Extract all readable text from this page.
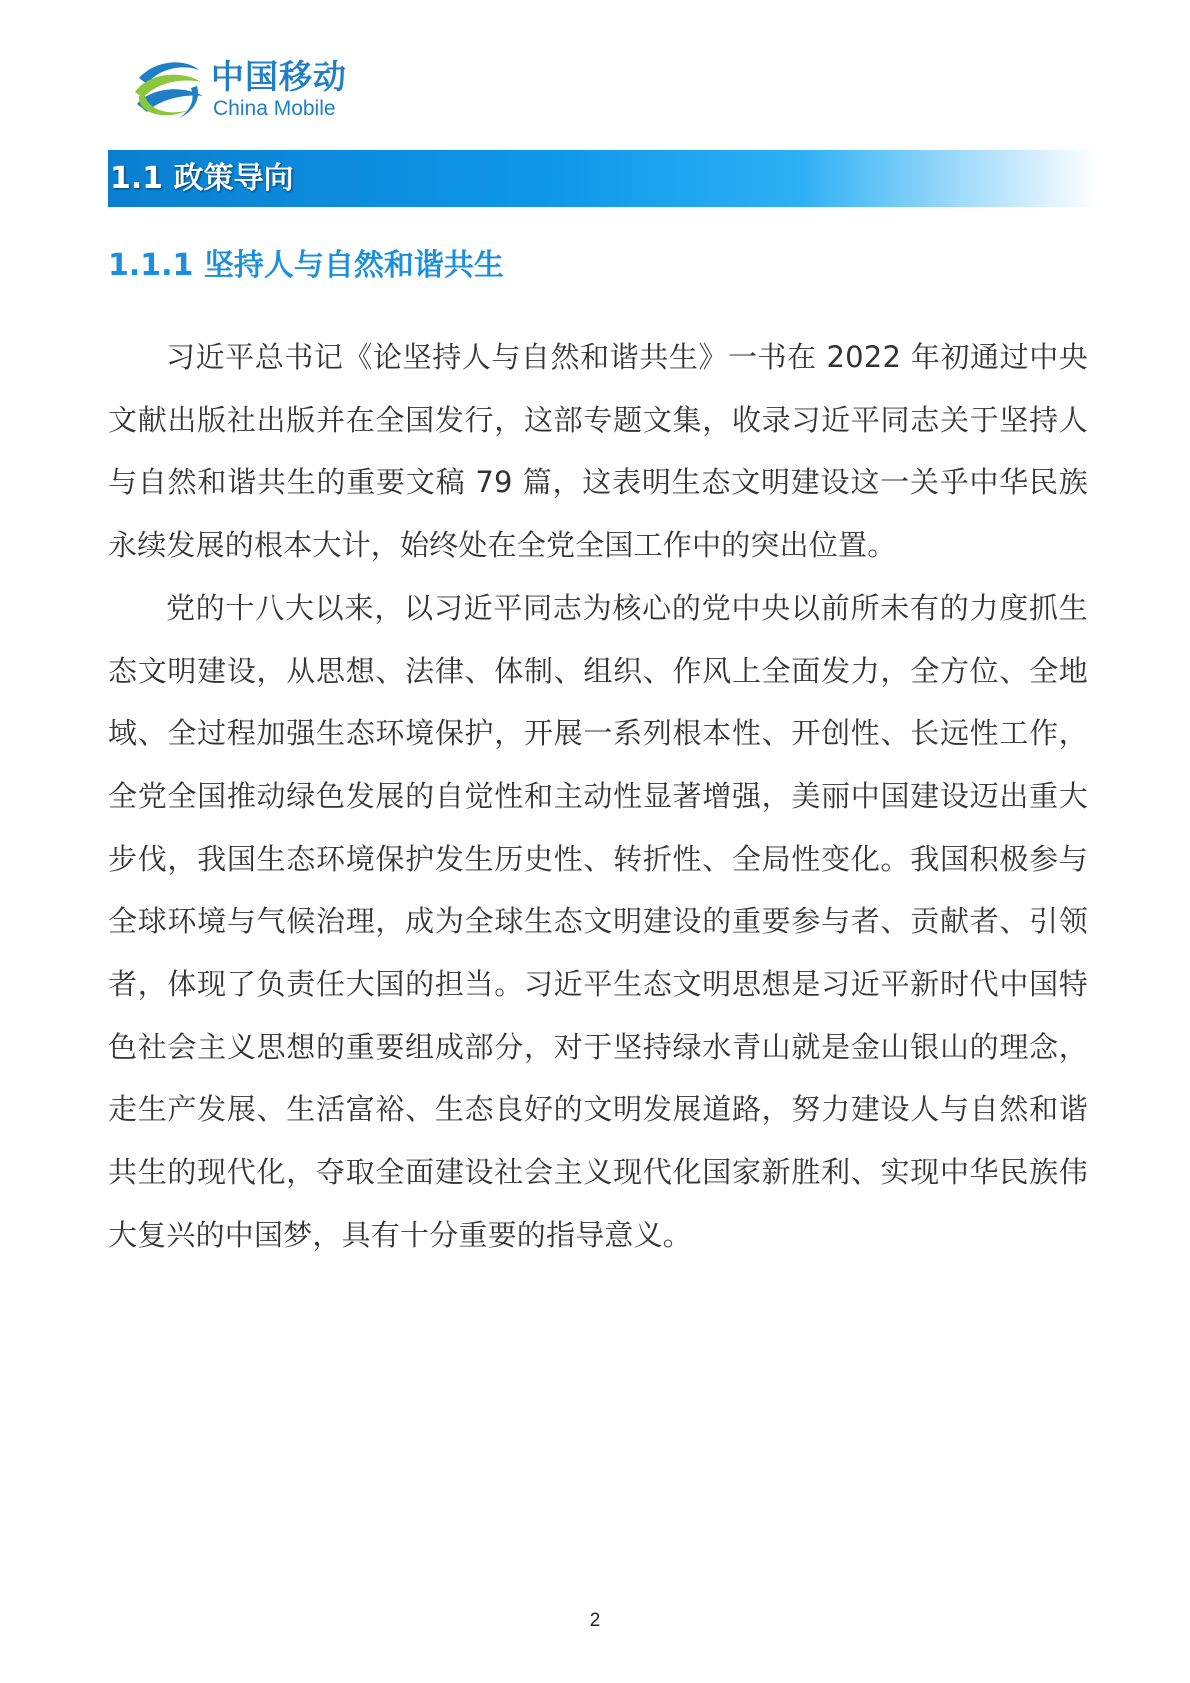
中国移动
China Mobile
1.1 政策导向
1.1.1 坚持人与自然和谐共生

习近平总书记《论坚持人与自然和谐共生》一书在 2022 年初通过中央文献出版社出版并在全国发行，这部专题文集，收录习近平同志关于坚持人与自然和谐共生的重要文稿 79 篇，这表明生态文明建设这一关乎中华民族永续发展的根本大计，始终处在全党全国工作中的突出位置。

党的十八大以来，以习近平同志为核心的党中央以前所未有的力度抓生态文明建设，从思想、法律、体制、组织、作风上全面发力，全方位、全地域、全过程加强生态环境保护，开展一系列根本性、开创性、长远性工作，全党全国推动绿色发展的自觉性和主动性显著增强，美丽中国建设迈出重大步伐，我国生态环境保护发生历史性、转折性、全局性变化。我国积极参与全球环境与气候治理，成为全球生态文明建设的重要参与者、贡献者、引领者，体现了负责任大国的担当。习近平生态文明思想是习近平新时代中国特色社会主义思想的重要组成部分，对于坚持绿水青山就是金山银山的理念，走生产发展、生活富裕、生态良好的文明发展道路，努力建设人与自然和谐共生的现代化，夺取全面建设社会主义现代化国家新胜利、实现中华民族伟大复兴的中国梦，具有十分重要的指导意义。

2
